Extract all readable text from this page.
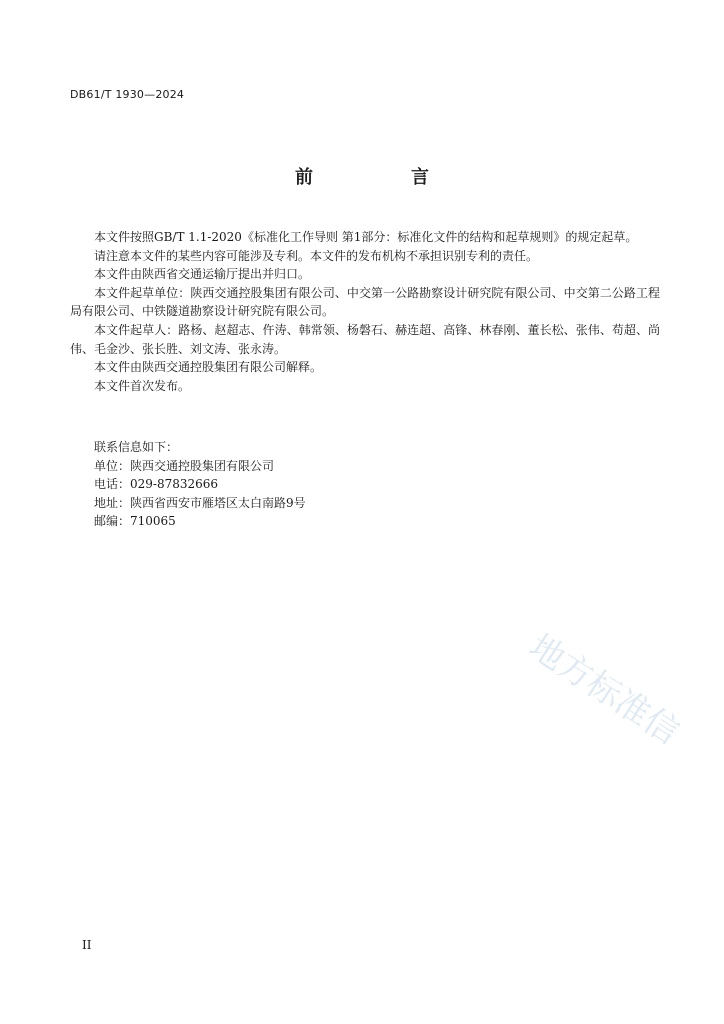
DB61/T 1930—2024
前　言

本文件按照GB/T 1.1-2020《标准化工作导则 第1部分：标准化文件的结构和起草规则》的规定起草。

请注意本文件的某些内容可能涉及专利。本文件的发布机构不承担识别专利的责任。

本文件由陕西省交通运输厅提出并归口。

本文件起草单位：陕西交通控股集团有限公司、中交第一公路勘察设计研究院有限公司、中交第二公路工程局有限公司、中铁隧道勘察设计研究院有限公司。

本文件起草人：路杨、赵超志、仵涛、韩常领、杨磐石、赫连超、高锋、林春刚、董长松、张伟、苟超、尚伟、毛金沙、张长胜、刘文涛、张永涛。

本文件由陕西交通控股集团有限公司解释。

本文件首次发布。

联系信息如下：

单位：陕西交通控股集团有限公司

电话：029-87832666

地址：陕西省西安市雁塔区太白南路9号

邮编：710065

地方标准信
II
